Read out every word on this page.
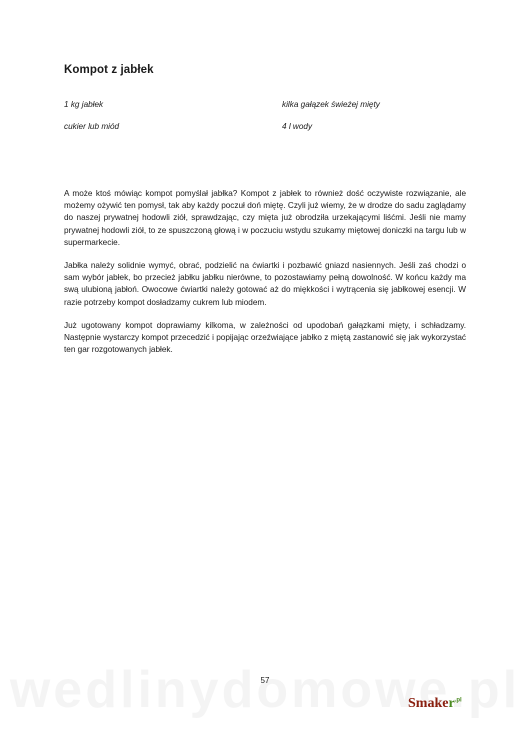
Kompot z jabłek
1 kg jabłek	kilka gałązek świeżej mięty
cukier lub miód	4 l wody

A może ktoś mówiąc kompot pomyślał jabłka? Kompot z jabłek to również dość oczywiste rozwiązanie, ale możemy ożywić ten pomysł, tak aby każdy poczuł doń miętę. Czyli już wiemy, że w drodze do sadu zaglądamy do naszej prywatnej hodowli ziół, sprawdzając, czy mięta już obrodziła urzekającymi liśćmi. Jeśli nie mamy prywatnej hodowli ziół, to ze spuszczoną głową i w poczuciu wstydu szukamy miętowej doniczki na targu lub w supermarkecie.

Jabłka należy solidnie wymyć, obrać, podzielić na ćwiartki i pozbawić gniazd nasiennych. Jeśli zaś chodzi o sam wybór jabłek, bo przecież jabłku jabłku nierówne, to pozostawiamy pełną dowolność. W końcu każdy ma swą ulubioną jabłoń. Owocowe ćwiartki należy gotować aż do miękkości i wytrącenia się jabłkowej esencji. W razie potrzeby kompot dosładzamy cukrem lub miodem.

Już ugotowany kompot doprawiamy kilkoma, w zależności od upodobań gałązkami mięty, i schładzamy. Następnie wystarczy kompot przecedzić i popijając orzeźwiające jabłko z miętą zastanowić się jak wykorzystać ten gar rozgotowanych jabłek.

57
Smaker$^{.pl}$
